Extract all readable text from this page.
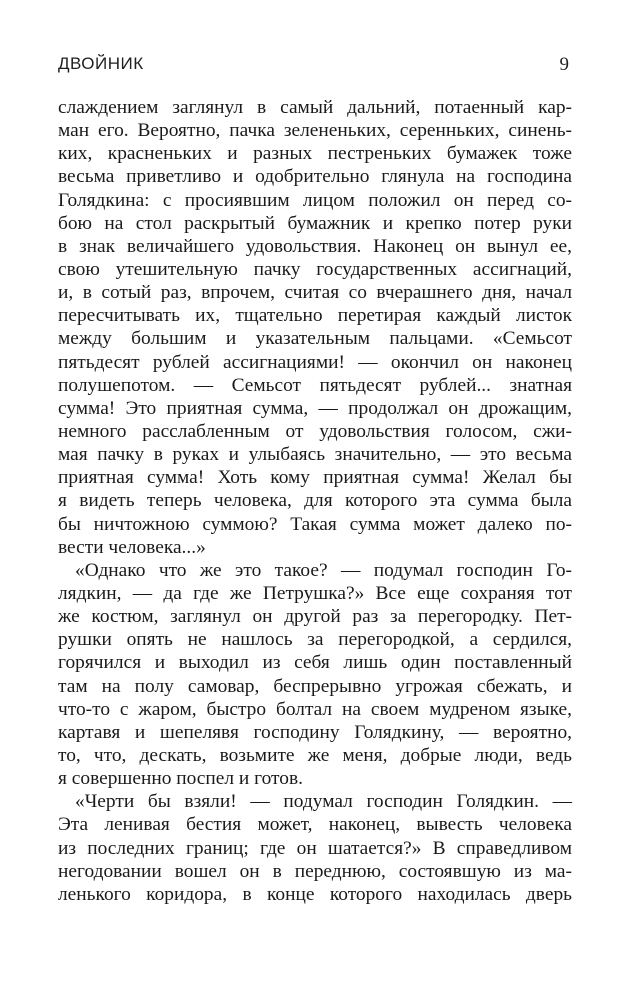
ДВОЙНИК	9
слаждением заглянул в самый дальний, потаенный кар-
ман его. Вероятно, пачка зелененьких, серенньких, синень-
ких, красненьких и разных пестреньких бумажек тоже
весьма приветливо и одобрительно глянула на господина
Голядкина: с просиявшим лицом положил он перед со-
бою на стол раскрытый бумажник и крепко потер руки
в знак величайшего удовольствия. Наконец он вынул ее,
свою утешительную пачку государственных ассигнаций,
и, в сотый раз, впрочем, считая со вчерашнего дня, начал
пересчитывать их, тщательно перетирая каждый листок
между большим и указательным пальцами. «Семьсот
пятьдесят рублей ассигнациями! — окончил он наконец
полушепотом. — Семьсот пятьдесят рублей... знатная
сумма! Это приятная сумма, — продолжал он дрожащим,
немного расслабленным от удовольствия голосом, сжи-
мая пачку в руках и улыбаясь значительно, — это весьма
приятная сумма! Хоть кому приятная сумма! Желал бы
я видеть теперь человека, для которого эта сумма была
бы ничтожною суммою? Такая сумма может далеко по-
вести человека...»
«Однако что же это такое? — подумал господин Го-
лядкин, — да где же Петрушка?» Все еще сохраняя тот
же костюм, заглянул он другой раз за перегородку. Пет-
рушки опять не нашлось за перегородкой, а сердился,
горячился и выходил из себя лишь один поставленный
там на полу самовар, беспрерывно угрожая сбежать, и
что-то с жаром, быстро болтал на своем мудреном языке,
картавя и шепелявя господину Голядкину, — вероятно,
то, что, дескать, возьмите же меня, добрые люди, ведь
я совершенно поспел и готов.
«Черти бы взяли! — подумал господин Голядкин. —
Эта ленивая бестия может, наконец, вывесть человека
из последних границ; где он шатается?» В справедливом
негодовании вошел он в переднюю, состоявшую из ма-
ленького коридора, в конце которого находилась дверь
